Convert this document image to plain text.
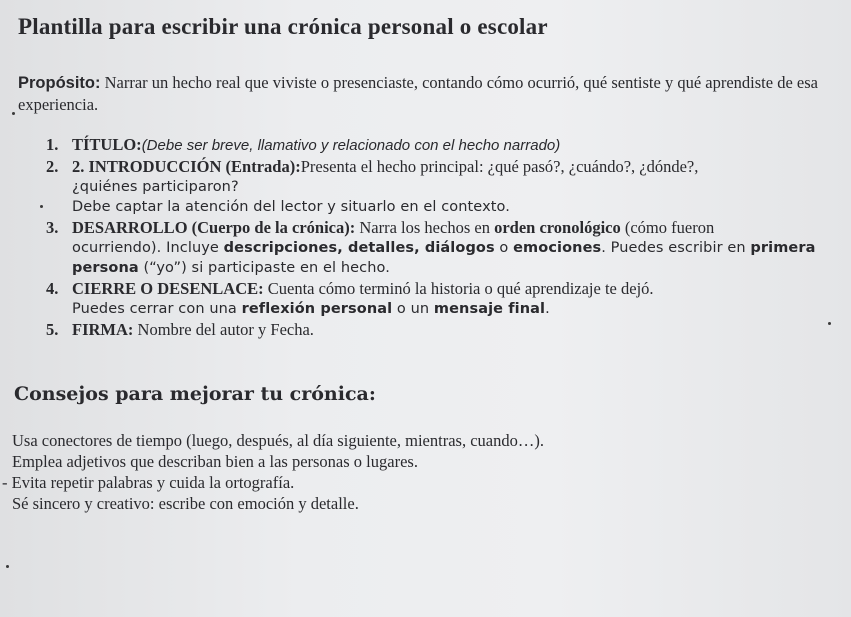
Plantilla para escribir una crónica personal o escolar
Propósito: Narrar un hecho real que viviste o presenciaste, contando cómo ocurrió, qué sentiste y qué aprendiste de esa experiencia.
1. TÍTULO:(Debe ser breve, llamativo y relacionado con el hecho narrado)
2. 2. INTRODUCCIÓN (Entrada):Presenta el hecho principal: ¿qué pasó?, ¿cuándo?, ¿dónde?,
¿quiénes participaron?
Debe captar la atención del lector y situarlo en el contexto.
3. DESARROLLO (Cuerpo de la crónica): Narra los hechos en orden cronológico (cómo fueron
ocurriendo). Incluye descripciones, detalles, diálogos o emociones. Puedes escribir en primera
persona (“yo”) si participaste en el hecho.
4. CIERRE O DESENLACE: Cuenta cómo terminó la historia o qué aprendizaje te dejó.
Puedes cerrar con una reflexión personal o un mensaje final.
5. FIRMA: Nombre del autor y Fecha.
Consejos para mejorar tu crónica:
Usa conectores de tiempo (luego, después, al día siguiente, mientras, cuando…).
Emplea adjetivos que describan bien a las personas o lugares.
- Evita repetir palabras y cuida la ortografía.
Sé sincero y creativo: escribe con emoción y detalle.
